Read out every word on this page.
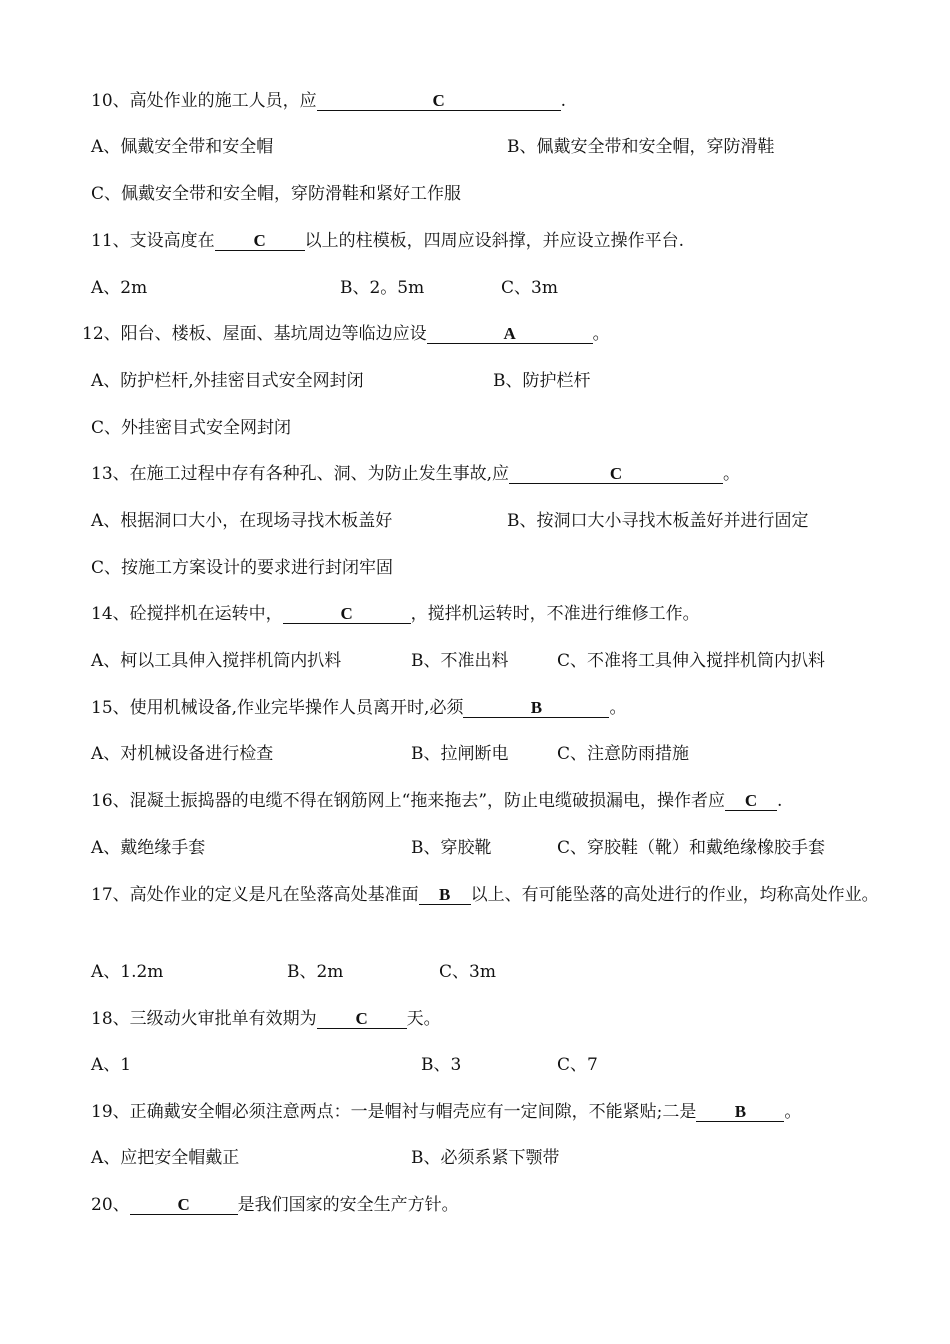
10、高处作业的施工人员，应	C	.
A、佩戴安全带和安全帽	B、佩戴安全带和安全帽，穿防滑鞋
C、佩戴安全带和安全帽，穿防滑鞋和紧好工作服
11、支设高度在 C 以上的柱模板，四周应设斜撑，并应设立操作平台.
A、2m	B、2。5m	C、3m
12、阳台、楼板、屋面、基坑周边等临边应设	A	。
A、防护栏杆,外挂密目式安全网封闭	B、防护栏杆
C、外挂密目式安全网封闭
13、在施工过程中存有各种孔、洞、为防止发生事故,应	C	。
A、根据洞口大小，在现场寻找木板盖好	B、按洞口大小寻找木板盖好并进行固定
C、按施工方案设计的要求进行封闭牢固
14、砼搅拌机在运转中，	C	，搅拌机运转时，不准进行维修工作。
A、柯以工具伸入搅拌机筒内扒料	B、不准出料	C、不准将工具伸入搅拌机筒内扒料
15、使用机械设备,作业完毕操作人员离开时,必须	B	。
A、对机械设备进行检查	B、拉闸断电	C、注意防雨措施
16、混凝土振捣器的电缆不得在钢筋网上“拖来拖去”，防止电缆破损漏电，操作者应 C .
A、戴绝缘手套	B、穿胶靴	C、穿胶鞋（靴）和戴绝缘橡胶手套
17、高处作业的定义是凡在坠落高处基准面 B 以上、有可能坠落的高处进行的作业，均称高处作业。
A、1.2m	B、2m	C、3m
18、三级动火审批单有效期为 C 天。
A、1	B、3	C、7
19、正确戴安全帽必须注意两点：一是帽衬与帽壳应有一定间隙，不能紧贴;二是 B 。
A、应把安全帽戴正	B、必须系紧下颚带
20、	C	是我们国家的安全生产方针。
